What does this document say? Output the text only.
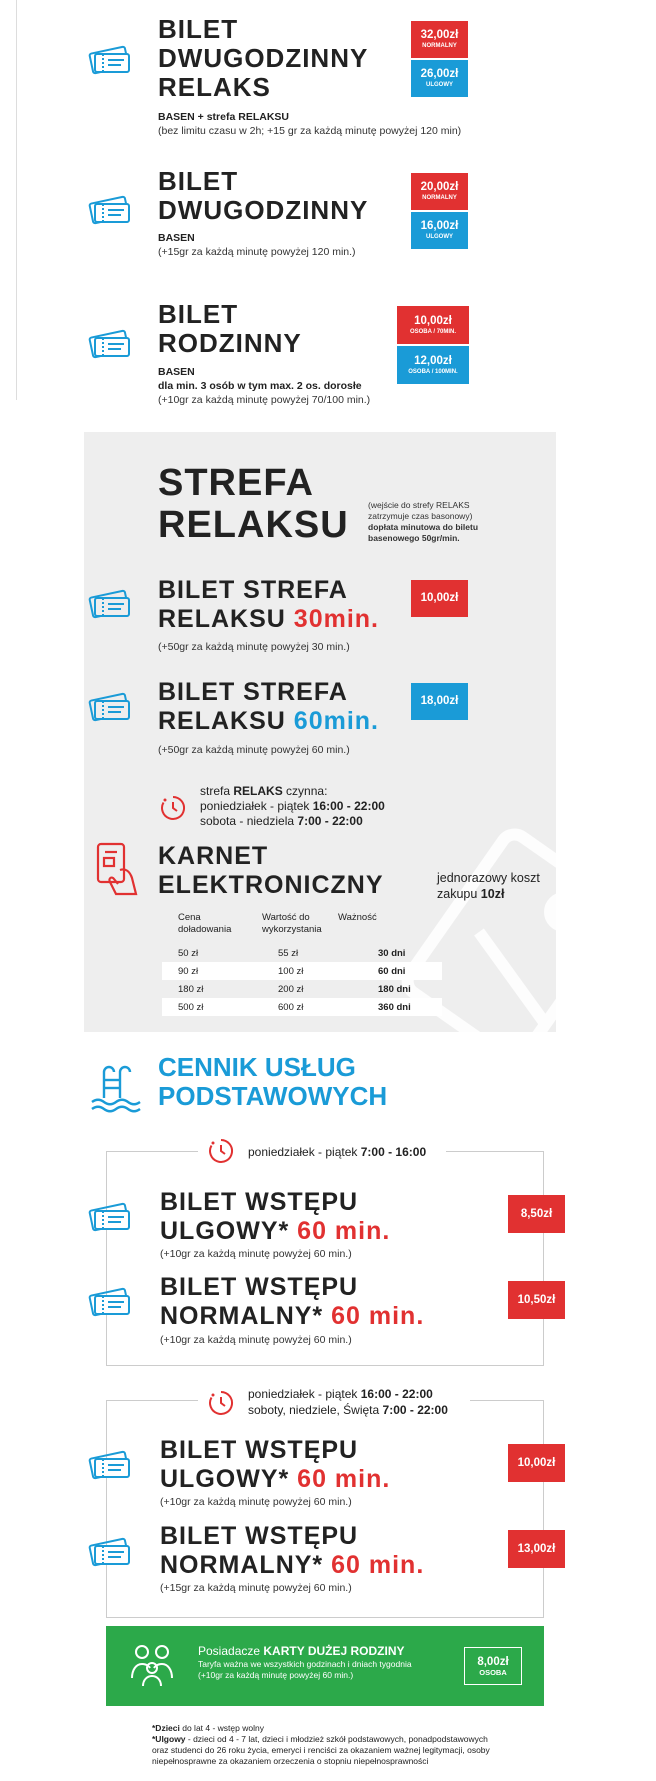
BILET
DWUGODZINNY
RELAKS
32,00zł
NORMALNY
26,00zł
ULGOWY
BASEN + strefa RELAKSU
(bez limitu czasu w 2h; +15 gr za każdą minutę powyżej 120 min)
BILET
DWUGODZINNY
20,00zł
NORMALNY
16,00zł
ULGOWY
BASEN
(+15gr za każdą minutę powyżej 120 min.)
BILET
RODZINNY
10,00zł
OSOBA / 70MIN.
12,00zł
OSOBA / 100MIN.
BASEN
dla min. 3 osób w tym max. 2 os. dorosłe
(+10gr za każdą minutę powyżej 70/100 min.)
STREFA
RELAKSU (wejście do strefy RELAKS zatrzymuje czas basonowy) dopłata minutowa do biletu basenowego 50gr/min.
BILET STREFA
RELAKSU 30min.
10,00zł
(+50gr za każdą minutę powyżej 30 min.)
BILET STREFA
RELAKSU 60min.
18,00zł
(+50gr za każdą minutę powyżej 60 min.)
strefa RELAKS czynna:
poniedziałek - piątek 16:00 - 22:00
sobota - niedziela 7:00 - 22:00
KARNET
ELEKTRONICZNY	jednorazowy koszt zakupu 10zł
Cena doładowania
Wartość do wykorzystania
Ważność
50 zł	55 zł	30 dni
90 zł	100 zł	60 dni
180 zł	200 zł	180 dni
500 zł	600 zł	360 dni
CENNIK USŁUG
PODSTAWOWYCH
poniedziałek - piątek 7:00 - 16:00
BILET WSTĘPU
ULGOWY* 60 min.
8,50zł
(+10gr za każdą minutę powyżej 60 min.)
BILET WSTĘPU
NORMALNY* 60 min.
10,50zł
(+10gr za każdą minutę powyżej 60 min.)
poniedziałek - piątek 16:00 - 22:00
soboty, niedziele, Święta 7:00 - 22:00
BILET WSTĘPU
ULGOWY* 60 min.
10,00zł
(+10gr za każdą minutę powyżej 60 min.)
BILET WSTĘPU
NORMALNY* 60 min.
13,00zł
(+15gr za każdą minutę powyżej 60 min.)
Posiadacze KARTY DUŻEJ RODZINY
Taryfa ważna we wszystkich godzinach i dniach tygodnia
(+10gr za każdą minutę powyżej 60 min.)
8,00zł
OSOBA
*Dzieci do lat 4 - wstęp wolny
*Ulgowy - dzieci od 4 - 7 lat, dzieci i młodzież szkół podstawowych, ponadpodstawowych
oraz studenci do 26 roku życia, emeryci i renciści za okazaniem ważnej legitymacji, osoby
niepełnosprawne za okazaniem orzeczenia o stopniu niepełnosprawności
